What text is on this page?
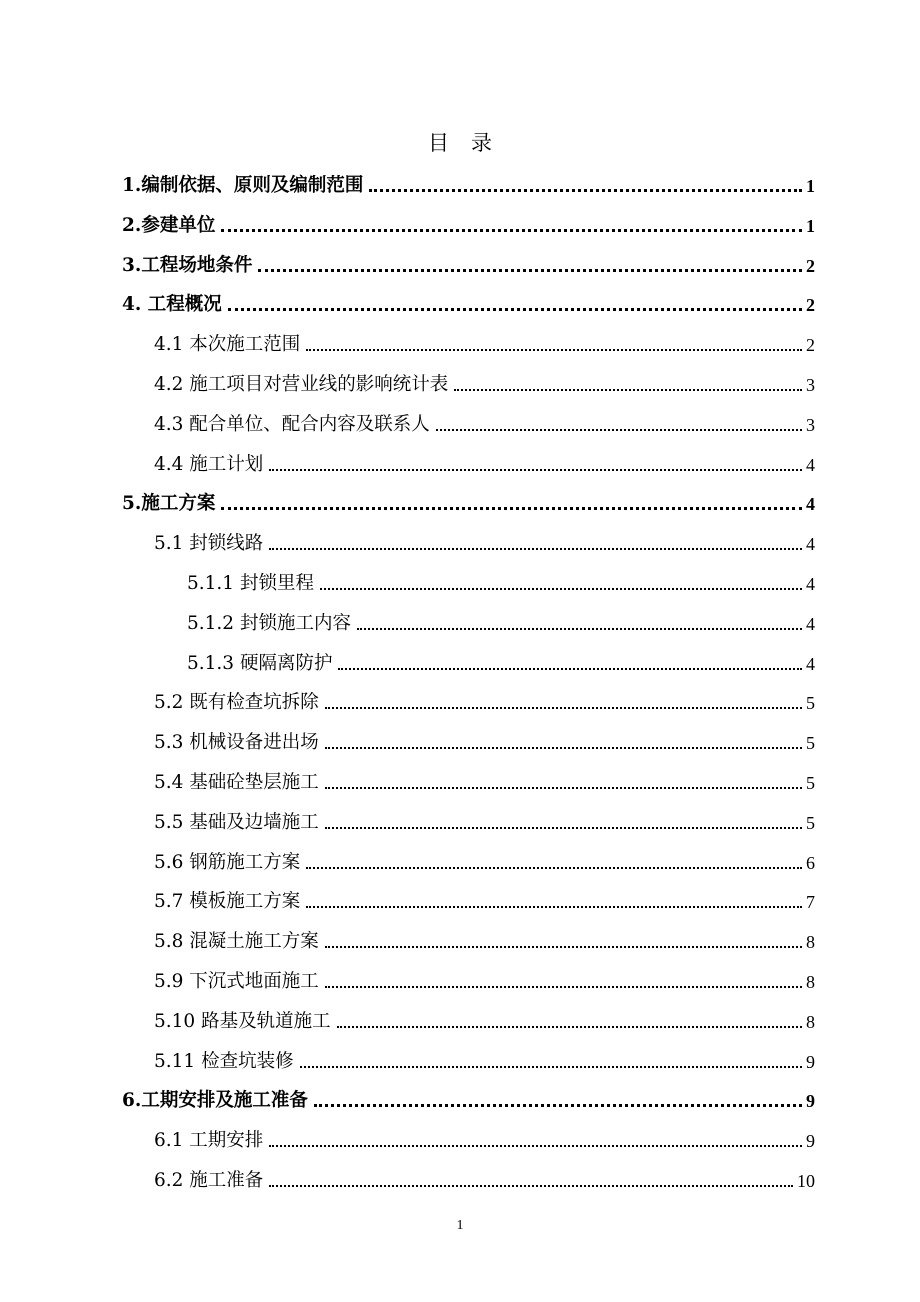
目录
1.编制依据、原则及编制范围	1
2.参建单位	1
3.工程场地条件	2
4. 工程概况	2
4.1 本次施工范围	2
4.2 施工项目对营业线的影响统计表	3
4.3 配合单位、配合内容及联系人	3
4.4 施工计划	4
5.施工方案	4
5.1 封锁线路	4
5.1.1 封锁里程	4
5.1.2 封锁施工内容	4
5.1.3 硬隔离防护	4
5.2 既有检查坑拆除	5
5.3 机械设备进出场	5
5.4 基础砼垫层施工	5
5.5 基础及边墙施工	5
5.6 钢筋施工方案	6
5.7 模板施工方案	7
5.8 混凝土施工方案	8
5.9 下沉式地面施工	8
5.10 路基及轨道施工	8
5.11 检查坑装修	9
6.工期安排及施工准备	9
6.1 工期安排	9
6.2 施工准备	10
1
